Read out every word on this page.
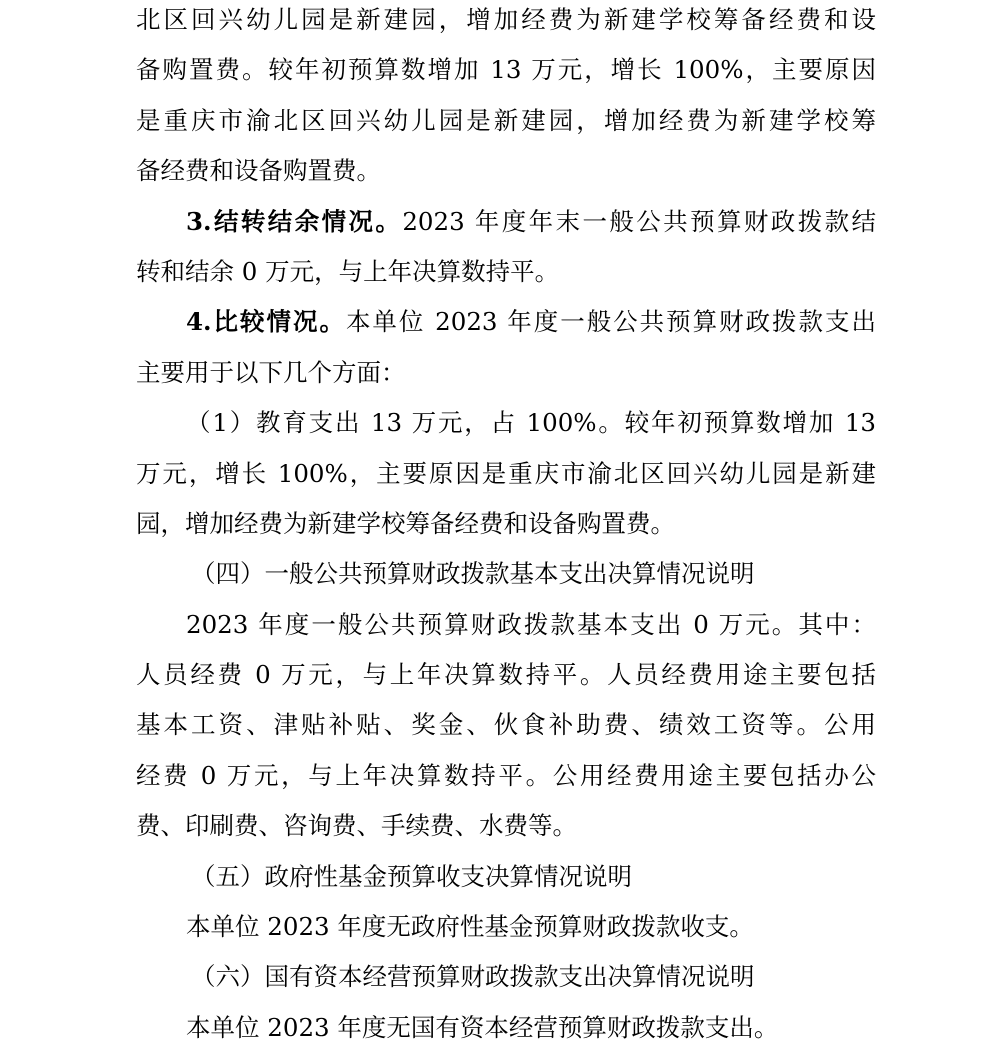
北区回兴幼儿园是新建园，增加经费为新建学校筹备经费和设
备购置费。较年初预算数增加 13 万元，增长 100%，主要原因
是重庆市渝北区回兴幼儿园是新建园，增加经费为新建学校筹
备经费和设备购置费。
3.结转结余情况。2023 年度年末一般公共预算财政拨款结
转和结余 0 万元，与上年决算数持平。
4.比较情况。本单位 2023 年度一般公共预算财政拨款支出
主要用于以下几个方面：
（1）教育支出 13 万元，占 100%。较年初预算数增加 13
万元，增长 100%，主要原因是重庆市渝北区回兴幼儿园是新建
园，增加经费为新建学校筹备经费和设备购置费。
（四）一般公共预算财政拨款基本支出决算情况说明
2023 年度一般公共预算财政拨款基本支出 0 万元。其中：
人员经费 0 万元，与上年决算数持平。人员经费用途主要包括
基本工资、津贴补贴、奖金、伙食补助费、绩效工资等。公用
经费 0 万元，与上年决算数持平。公用经费用途主要包括办公
费、印刷费、咨询费、手续费、水费等。
（五）政府性基金预算收支决算情况说明
本单位 2023 年度无政府性基金预算财政拨款收支。
（六）国有资本经营预算财政拨款支出决算情况说明
本单位 2023 年度无国有资本经营预算财政拨款支出。
